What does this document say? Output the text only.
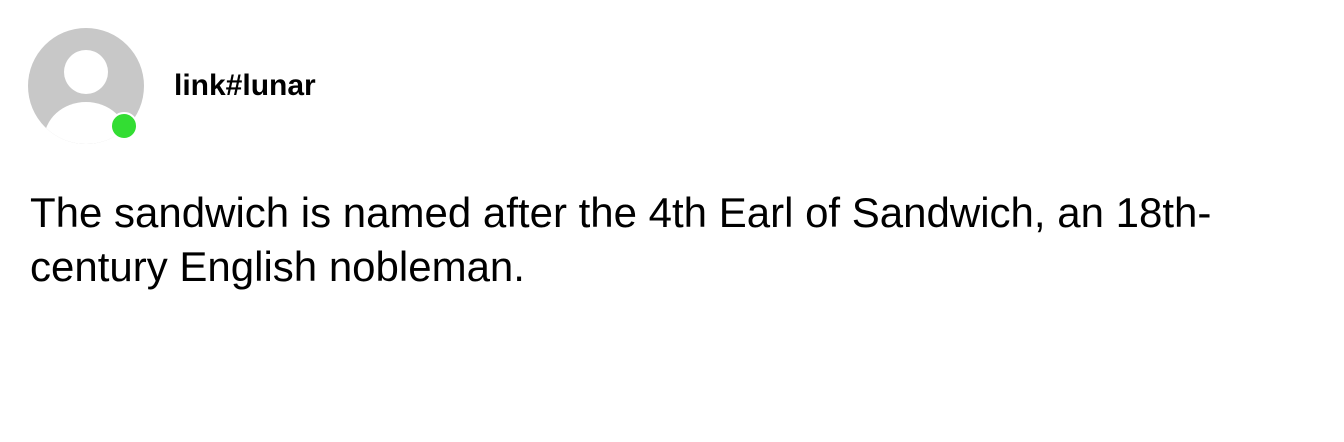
link#lunar

The sandwich is named after the 4th Earl of Sandwich, an 18th-century English nobleman.
